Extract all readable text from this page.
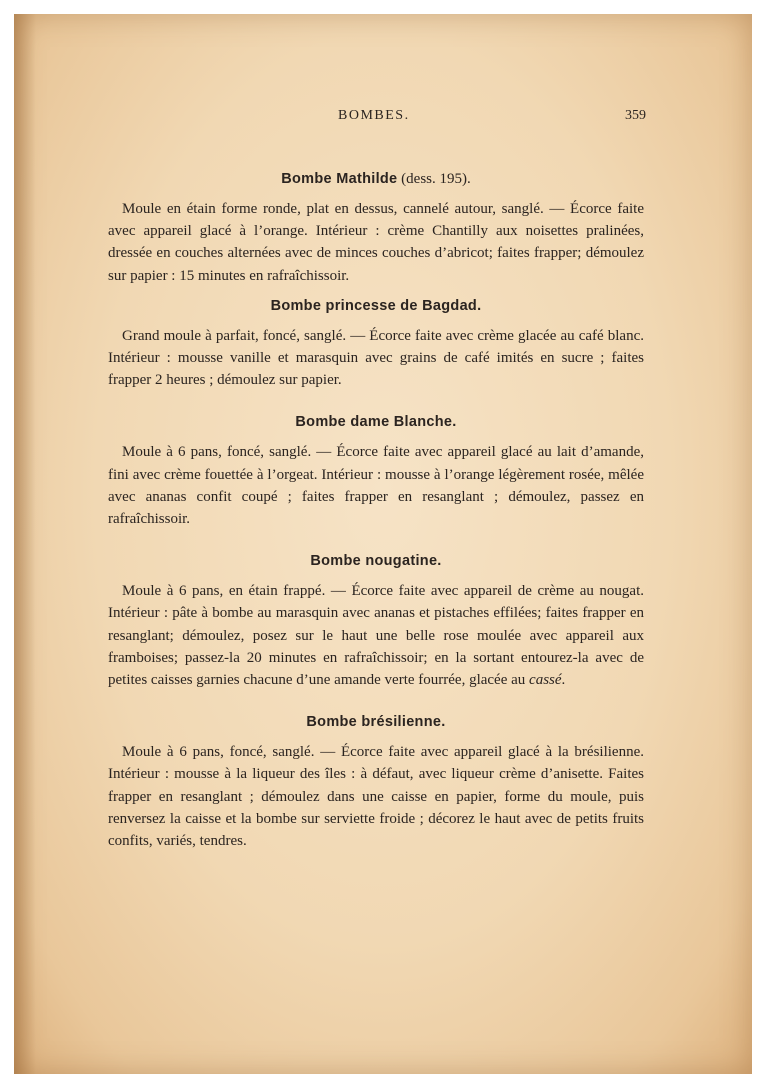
BOMBES.	359
Bombe Mathilde (dess. 195).

Moule en étain forme ronde, plat en dessus, cannelé autour, sanglé. — Écorce faite avec appareil glacé à l’orange. Intérieur : crème Chantilly aux noisettes pralinées, dressée en couches alternées avec de minces couches d’abricot; faites frapper; démoulez sur papier : 15 minutes en rafraîchissoir.

Bombe princesse de Bagdad.

Grand moule à parfait, foncé, sanglé. — Écorce faite avec crème glacée au café blanc. Intérieur : mousse vanille et marasquin avec grains de café imités en sucre ; faites frapper 2 heures ; démoulez sur papier.

Bombe dame Blanche.

Moule à 6 pans, foncé, sanglé. — Écorce faite avec appareil glacé au lait d’amande, fini avec crème fouettée à l’orgeat. Intérieur : mousse à l’orange légèrement rosée, mêlée avec ananas confit coupé ; faites frapper en resanglant ; démoulez, passez en rafraîchissoir.

Bombe nougatine.

Moule à 6 pans, en étain frappé. — Écorce faite avec appareil de crème au nougat. Intérieur : pâte à bombe au marasquin avec ananas et pistaches effilées; faites frapper en resanglant; démoulez, posez sur le haut une belle rose moulée avec appareil aux framboises; passez-la 20 minutes en rafraîchissoir; en la sortant entourez-la avec de petites caisses garnies chacune d’une amande verte fourrée, glacée au cassé.

Bombe brésilienne.

Moule à 6 pans, foncé, sanglé. — Écorce faite avec appareil glacé à la brésilienne. Intérieur : mousse à la liqueur des îles : à défaut, avec liqueur crème d’anisette. Faites frapper en resanglant ; démoulez dans une caisse en papier, forme du moule, puis renversez la caisse et la bombe sur serviette froide ; décorez le haut avec de petits fruits confits, variés, tendres.
